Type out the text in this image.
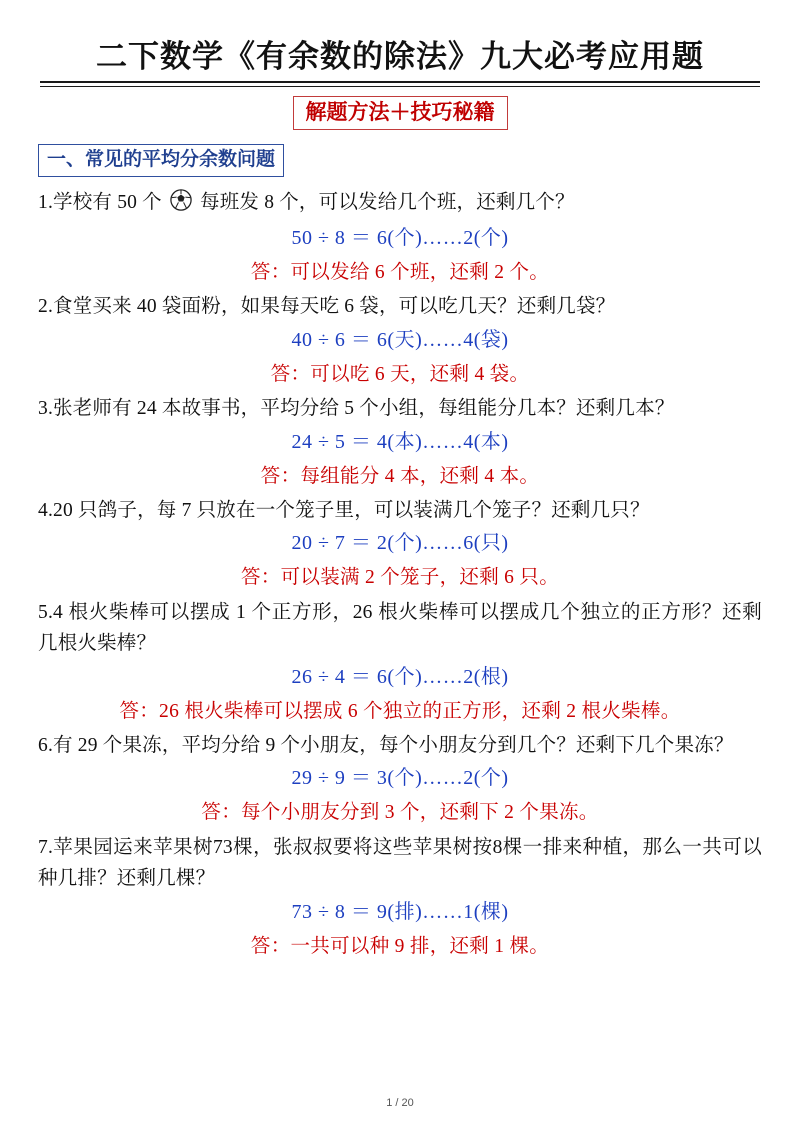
二下数学《有余数的除法》九大必考应用题
解题方法＋技巧秘籍
一、常见的平均分余数问题
1.学校有 50 个  每班发 8 个，可以发给几个班，还剩几个？
50 ÷ 8 ＝ 6(个)……2(个)
答：可以发给 6 个班，还剩 2 个。
2.食堂买来 40 袋面粉，如果每天吃 6 袋，可以吃几天？还剩几袋？
40 ÷ 6 ＝ 6(天)……4(袋)
答：可以吃 6 天，还剩 4 袋。
3.张老师有 24 本故事书，平均分给 5 个小组，每组能分几本？还剩几本？
24 ÷ 5 ＝ 4(本)……4(本)
答：每组能分 4 本，还剩 4 本。
4.20 只鸽子，每 7 只放在一个笼子里，可以装满几个笼子？还剩几只？
20 ÷ 7 ＝ 2(个)……6(只)
答：可以装满 2 个笼子，还剩 6 只。
5.4 根火柴棒可以摆成 1 个正方形，26 根火柴棒可以摆成几个独立的正方形？还剩几根火柴棒？
26 ÷ 4 ＝ 6(个)……2(根)
答：26 根火柴棒可以摆成 6 个独立的正方形，还剩 2 根火柴棒。
6.有 29 个果冻，平均分给 9 个小朋友，每个小朋友分到几个？还剩下几个果冻？
29 ÷ 9 ＝ 3(个)……2(个)
答：每个小朋友分到 3 个，还剩下 2 个果冻。
7.苹果园运来苹果树73棵，张叔叔要将这些苹果树按8棵一排来种植，那么一共可以种几排？还剩几棵？
73 ÷ 8 ＝ 9(排)……1(棵)
答：一共可以种 9 排，还剩 1 棵。
1 / 20
